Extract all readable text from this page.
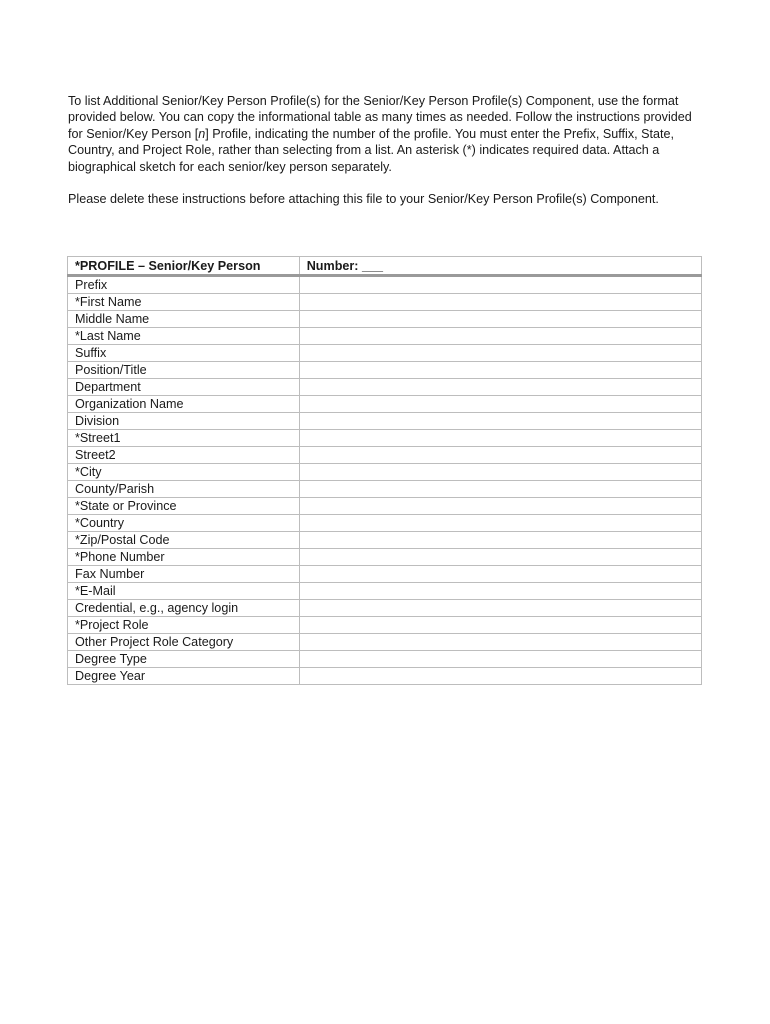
To list Additional Senior/Key Person Profile(s) for the Senior/Key Person Profile(s) Component, use the format provided below. You can copy the informational table as many times as needed. Follow the instructions provided for Senior/Key Person [n] Profile, indicating the number of the profile. You must enter the Prefix, Suffix, State, Country, and Project Role, rather than selecting from a list. An asterisk (*) indicates required data. Attach a biographical sketch for each senior/key person separately.

Please delete these instructions before attaching this file to your Senior/Key Person Profile(s) Component.

*PROFILE – Senior/Key Person	Number: ___
Prefix	
*First Name	
Middle Name	
*Last Name	
Suffix	
Position/Title	
Department	
Organization Name	
Division	
*Street1	
Street2	
*City	
County/Parish	
*State or Province	
*Country	
*Zip/Postal Code	
*Phone Number	
Fax Number	
*E-Mail	
Credential, e.g., agency login	
*Project Role	
Other Project Role Category	
Degree Type	
Degree Year	
